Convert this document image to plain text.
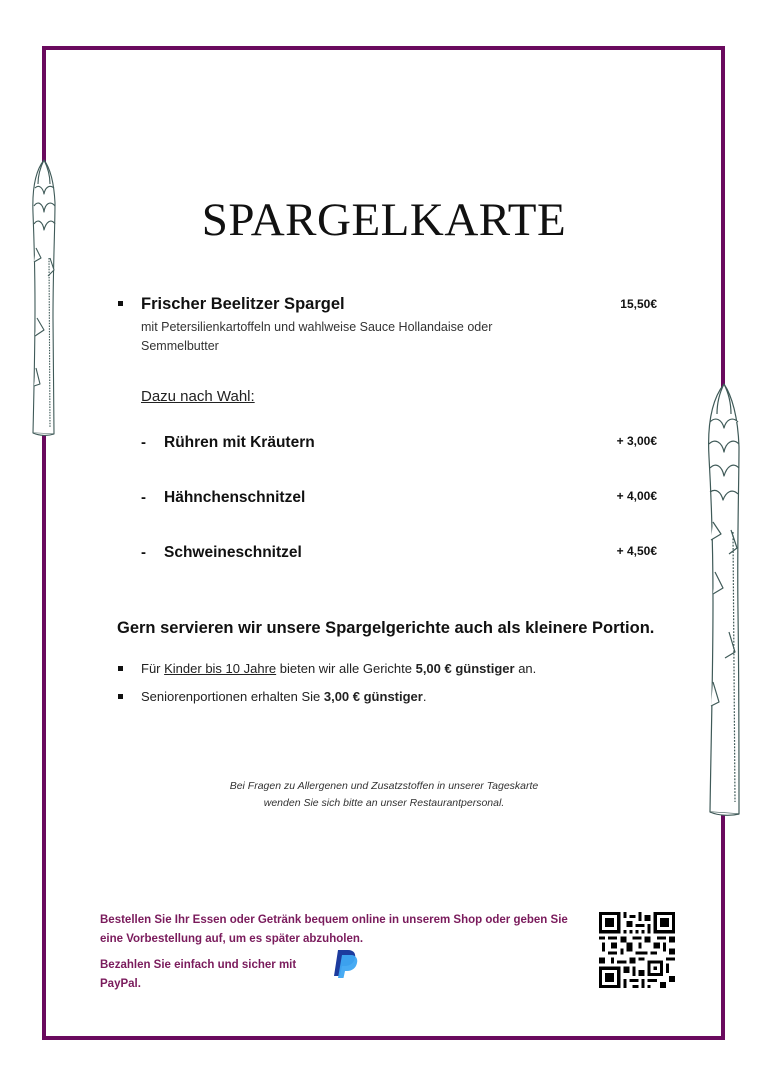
SPARGELKARTE
Frischer Beelitzer Spargel
mit Petersilienkartoffeln und wahlweise Sauce Hollandaise oder Semmelbutter
15,50€
Dazu nach Wahl:
- Rühren mit Kräutern	+ 3,00€
- Hähnchenschnitzel	+ 4,00€
- Schweineschnitzel	+ 4,50€
Gern servieren wir unsere Spargelgerichte auch als kleinere Portion.
Für Kinder bis 10 Jahre bieten wir alle Gerichte 5,00 € günstiger an.
Seniorenportionen erhalten Sie 3,00 € günstiger.
Bei Fragen zu Allergenen und Zusatzstoffen in unserer Tageskarte
wenden Sie sich bitte an unser Restaurantpersonal.
Bestellen Sie Ihr Essen oder Getränk bequem online in unserem Shop oder geben Sie eine Vorbestellung auf, um es später abzuholen.
Bezahlen Sie einfach und sicher mit PayPal.
